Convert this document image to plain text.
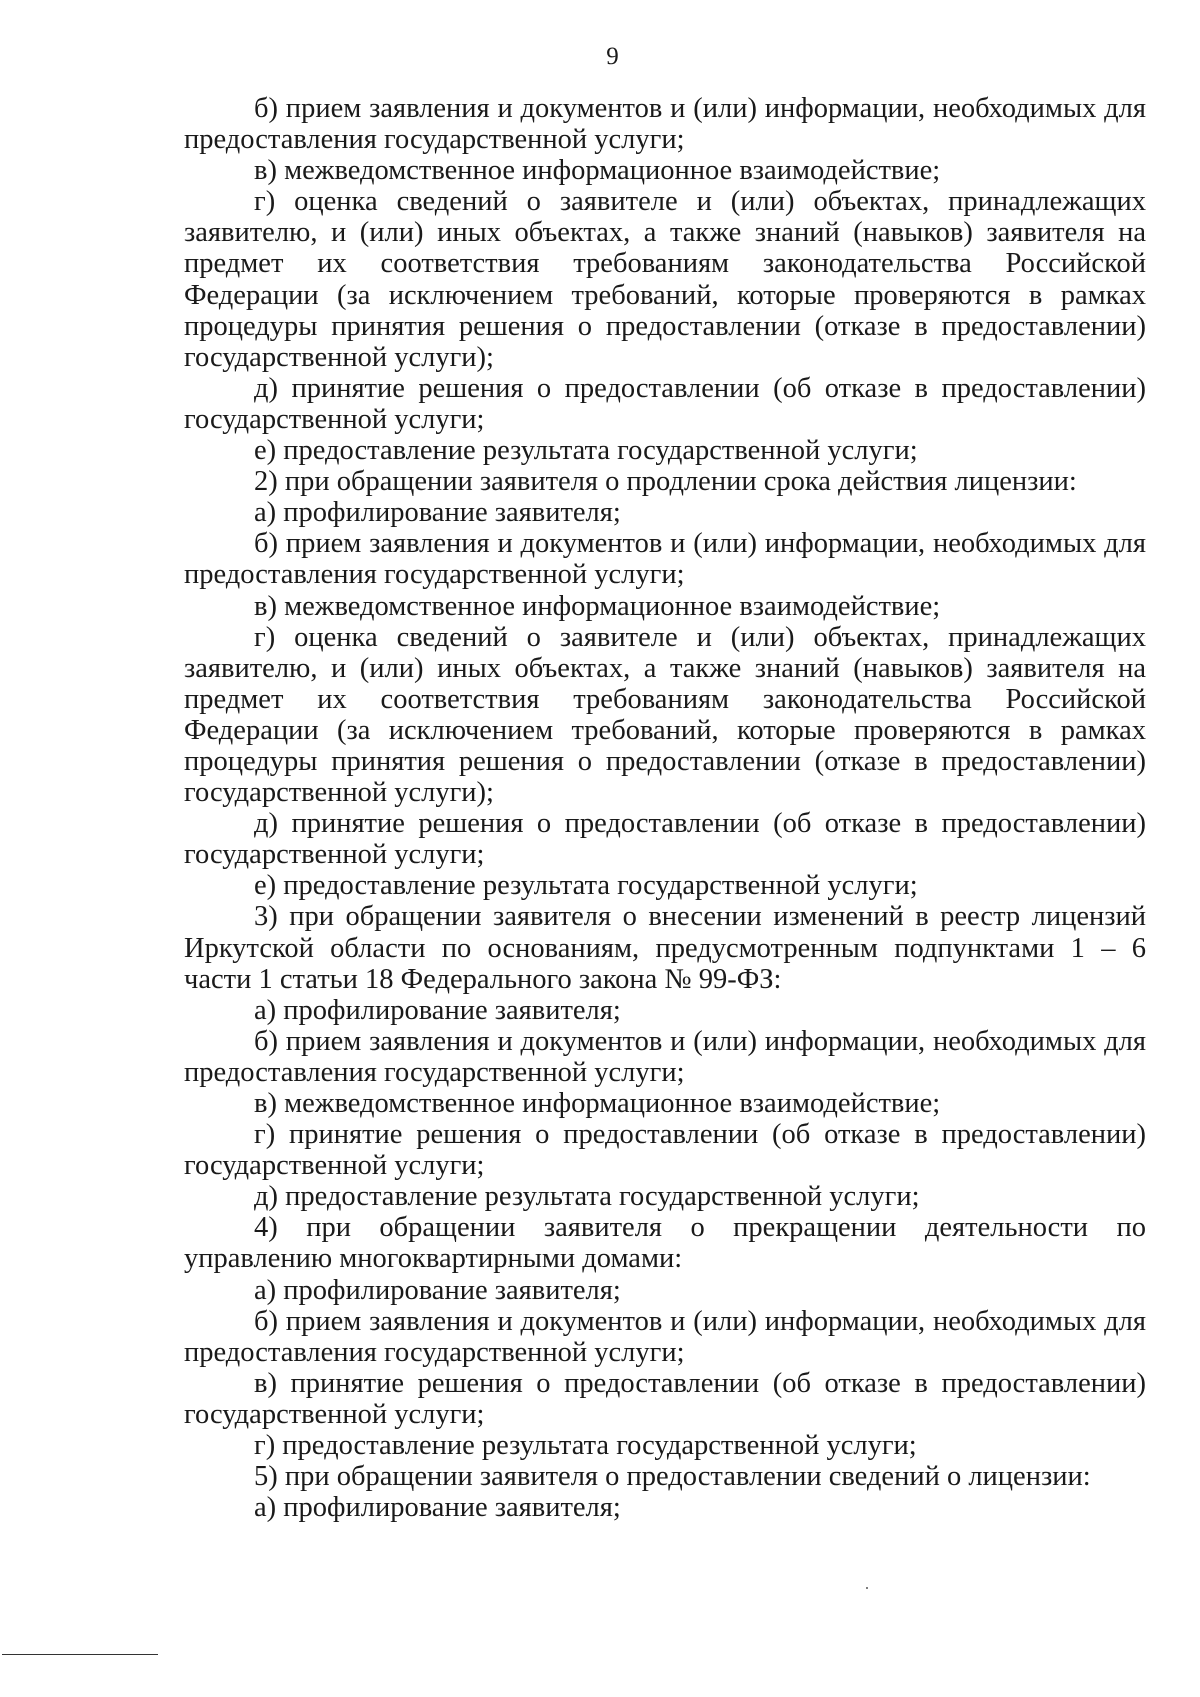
9

б) прием заявления и документов и (или) информации, необходимых для предоставления государственной услуги;

в) межведомственное информационное взаимодействие;

г) оценка сведений о заявителе и (или) объектах, принадлежащих заявителю, и (или) иных объектах, а также знаний (навыков) заявителя на предмет их соответствия требованиям законодательства Российской Федерации (за исключением требований, которые проверяются в рамках процедуры принятия решения о предоставлении (отказе в предоставлении) государственной услуги);

д) принятие решения о предоставлении (об отказе в предоставлении) государственной услуги;

е) предоставление результата государственной услуги;

2) при обращении заявителя о продлении срока действия лицензии:

а) профилирование заявителя;

б) прием заявления и документов и (или) информации, необходимых для предоставления государственной услуги;

в) межведомственное информационное взаимодействие;

г) оценка сведений о заявителе и (или) объектах, принадлежащих заявителю, и (или) иных объектах, а также знаний (навыков) заявителя на предмет их соответствия требованиям законодательства Российской Федерации (за исключением требований, которые проверяются в рамках процедуры принятия решения о предоставлении (отказе в предоставлении) государственной услуги);

д) принятие решения о предоставлении (об отказе в предоставлении) государственной услуги;

е) предоставление результата государственной услуги;

3) при обращении заявителя о внесении изменений в реестр лицензий Иркутской области по основаниям, предусмотренным подпунктами 1 – 6 части 1 статьи 18 Федерального закона № 99-ФЗ:

а) профилирование заявителя;

б) прием заявления и документов и (или) информации, необходимых для предоставления государственной услуги;

в) межведомственное информационное взаимодействие;

г) принятие решения о предоставлении (об отказе в предоставлении) государственной услуги;

д) предоставление результата государственной услуги;

4) при обращении заявителя о прекращении деятельности по управлению многоквартирными домами:

а) профилирование заявителя;

б) прием заявления и документов и (или) информации, необходимых для предоставления государственной услуги;

в) принятие решения о предоставлении (об отказе в предоставлении) государственной услуги;

г) предоставление результата государственной услуги;

5) при обращении заявителя о предоставлении сведений о лицензии:

а) профилирование заявителя;
